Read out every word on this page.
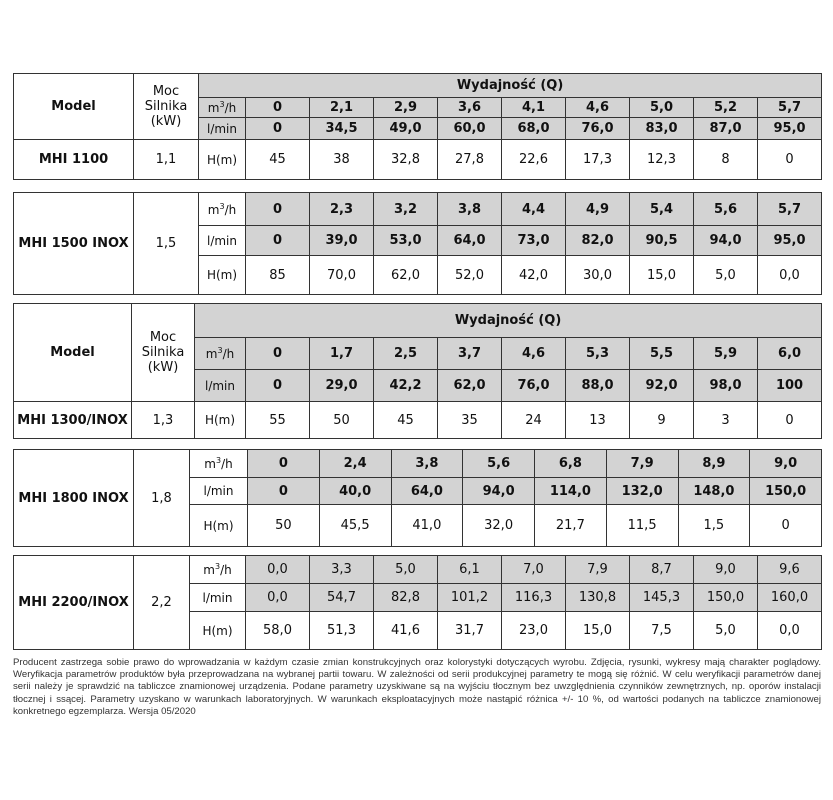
Model	Moc
Silnika
(kW)	Wydajność (Q)									
		$m^3/h$	0	2,1	2,9	3,6	4,1	4,6	5,0	5,2	5,7
		l/min	0	34,5	49,0	60,0	68,0	76,0	83,0	87,0	95,0
MHI 1100	1,1	H(m)	45	38	32,8	27,8	22,6	17,3	12,3	8	0
MHI 1500 INOX	1,5	$m^3/h$	0	2,3	3,2	3,8	4,4	4,9	5,4	5,6	5,7
		l/min	0	39,0	53,0	64,0	73,0	82,0	90,5	94,0	95,0
		H(m)	85	70,0	62,0	52,0	42,0	30,0	15,0	5,0	0,0
Model	Moc
Silnika
(kW)	Wydajność (Q)									
		$m^3/h$	0	1,7	2,5	3,7	4,6	5,3	5,5	5,9	6,0
		l/min	0	29,0	42,2	62,0	76,0	88,0	92,0	98,0	100
MHI 1300/INOX	1,3	H(m)	55	50	45	35	24	13	9	3	0
MHI 1800 INOX	1,8	$m^3/h$	0	2,4	3,8	5,6	6,8	7,9	8,9	9,0
		l/min	0	40,0	64,0	94,0	114,0	132,0	148,0	150,0
		H(m)	50	45,5	41,0	32,0	21,7	11,5	1,5	0
MHI 2200/INOX	2,2	$m^3/h$	0,0	3,3	5,0	6,1	7,0	7,9	8,7	9,0	9,6
		l/min	0,0	54,7	82,8	101,2	116,3	130,8	145,3	150,0	160,0
		H(m)	58,0	51,3	41,6	31,7	23,0	15,0	7,5	5,0	0,0
Producent zastrzega sobie prawo do wprowadzania w każdym czasie zmian konstrukcyjnych oraz kolorystyki dotyczących wyrobu. Zdjęcia, rysunki, wykresy mają charakter poglądowy. Weryfikacja parametrów produktów była przeprowadzana na wybranej partii towaru. W zależności od serii produkcyjnej parametry te mogą się różnić. W celu weryfikacji parametrów danej serii należy je sprawdzić na tabliczce znamionowej urządzenia. Podane parametry uzyskiwane są na wyjściu tłocznym bez uwzględnienia czynników zewnętrznych, np. oporów instalacji tłocznej i ssącej. Parametry uzyskano w warunkach laboratoryjnych. W warunkach eksploatacyjnych może nastąpić różnica +/- 10 %, od wartości podanych na tabliczce znamionowej konkretnego egzemplarza. Wersja 05/2020
